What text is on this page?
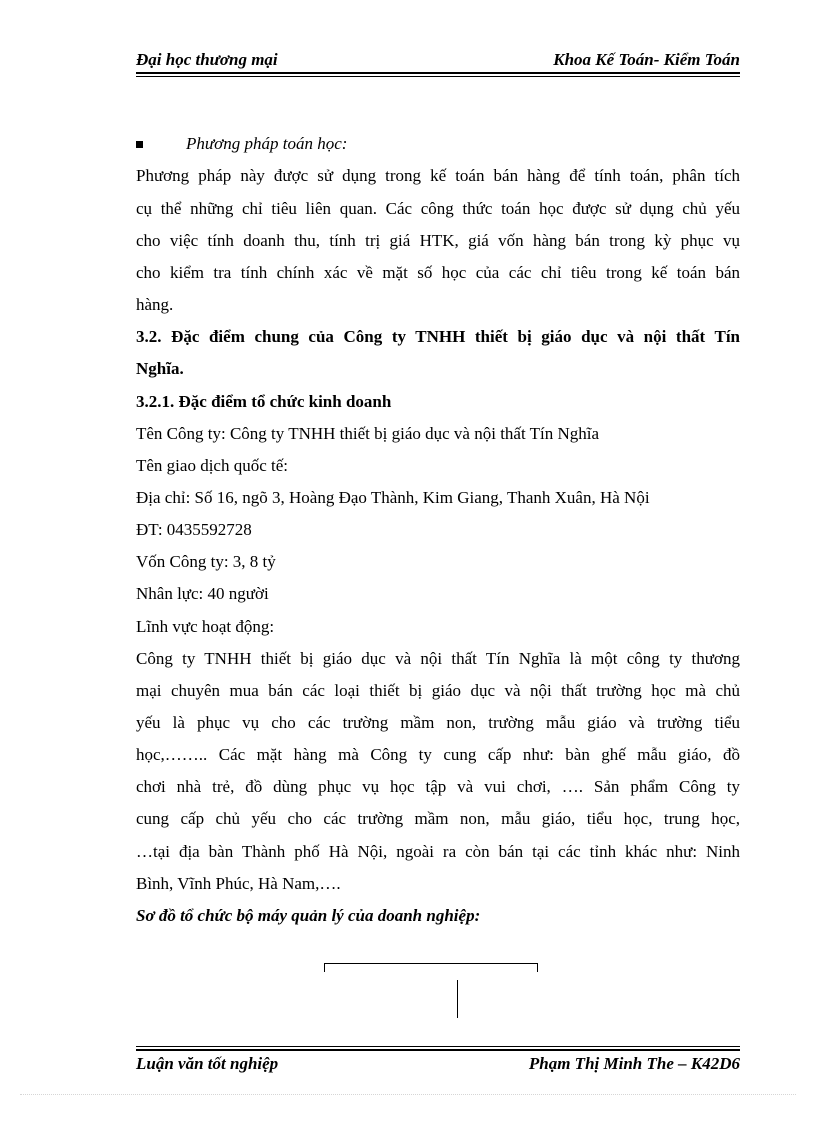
Đại học thương mại	Khoa Kế Toán- Kiểm Toán
Phương pháp toán học:
Phương pháp này được sử dụng trong kế toán bán hàng để tính toán, phân tích
cụ thể những chỉ tiêu liên quan. Các công thức toán học được sử dụng chủ yếu
cho việc tính doanh thu, tính trị giá HTK, giá vốn hàng bán trong kỳ phục vụ
cho kiểm tra tính chính xác về mặt số học của các chỉ tiêu trong kế toán bán
hàng.
3.2. Đặc điểm chung của Công ty TNHH thiết bị giáo dục và nội thất Tín
Nghĩa.
3.2.1. Đặc điểm tổ chức kinh doanh
Tên Công ty: Công ty TNHH thiết bị giáo dục và nội thất Tín Nghĩa
Tên giao dịch quốc tế:
Địa chỉ: Số 16, ngõ 3, Hoàng Đạo Thành, Kim Giang, Thanh Xuân, Hà Nội
ĐT: 0435592728
Vốn Công ty: 3, 8 tỷ
Nhân lực: 40 người
Lĩnh vực hoạt động:
Công ty TNHH thiết bị giáo dục và nội thất Tín Nghĩa là một công ty thương
mại chuyên mua bán các loại thiết bị giáo dục và nội thất trường học mà chủ
yếu là phục vụ cho các trường mầm non, trường mẫu giáo và trường tiểu
học,…….. Các mặt hàng mà Công ty cung cấp như: bàn ghế mẫu giáo, đồ
chơi nhà trẻ, đồ dùng phục vụ học tập và vui chơi, …. Sản phẩm Công ty
cung cấp chủ yếu cho các trường mầm non, mẫu giáo, tiểu học, trung học,
…tại địa bàn Thành phố Hà Nội, ngoài ra còn bán tại các tỉnh khác như: Ninh
Bình, Vĩnh Phúc, Hà Nam,….
Sơ đồ tổ chức bộ máy quản lý của doanh nghiệp:
Luận văn tốt nghiệp	Phạm Thị Minh The – K42D6
